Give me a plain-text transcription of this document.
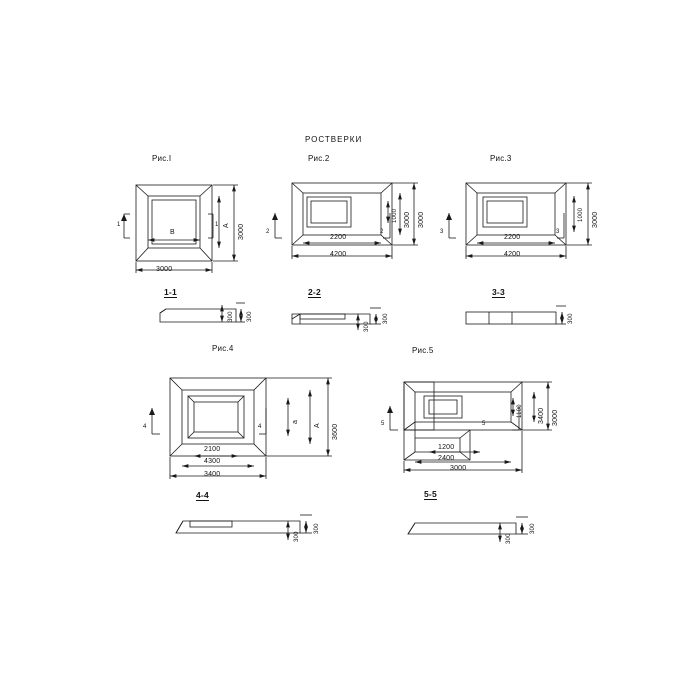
РОСТВЕРКИ
Рис.I	Рис.2	Рис.3
Рис.4	Рис.5
1-1	2-2	3-3
4-4	5-5
1	1
2	2	3	3
4	4	5	5
3000
3000
А
В
300
300
4200
2200
3000
3000
1000
300
300
4200
2200
3000
1000
300
3400
4300
2100
3600
А
а
300
300
3000
2400
1200
3000
3400
1100
300
300
